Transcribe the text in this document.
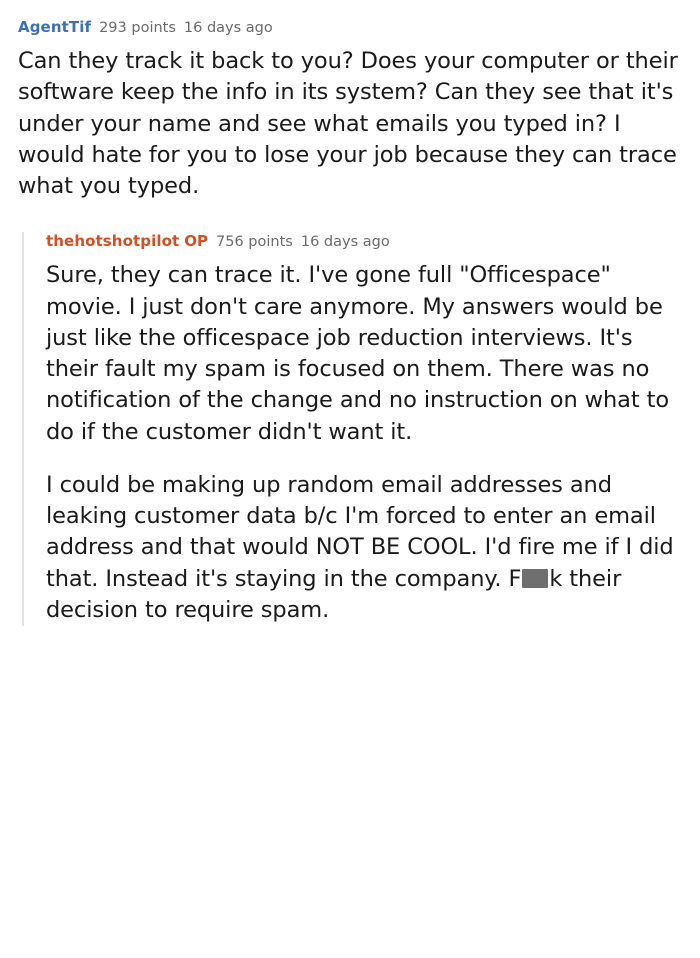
AgentTif 293 points 16 days ago

Can they track it back to you? Does your computer or their software keep the info in its system? Can they see that it's under your name and see what emails you typed in? I would hate for you to lose your job because they can trace what you typed.

thehotshotpilot OP 756 points 16 days ago

Sure, they can trace it. I've gone full "Officespace" movie. I just don't care anymore. My answers would be just like the officespace job reduction interviews. It's their fault my spam is focused on them. There was no notification of the change and no instruction on what to do if the customer didn't want it.

I could be making up random email addresses and leaking customer data b/c I'm forced to enter an email address and that would NOT BE COOL. I'd fire me if I did that. Instead it's staying in the company. F k their decision to require spam.
